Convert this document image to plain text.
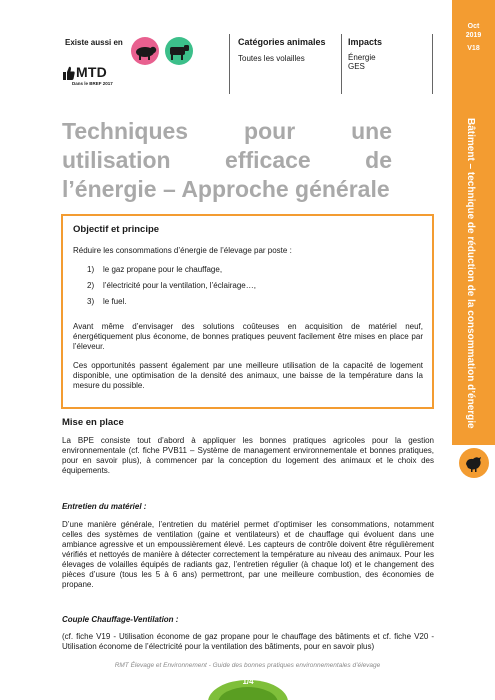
Existe aussi en
MTD
Dans le BREF 2017
Catégories animales
Toutes les volailles
Impacts
Énergie
GES
Oct
2019
V18
Bâtiment – technique de réduction de la consommation d’énergie
Techniques pour une utilisation efficace de l’énergie – Approche générale
Objectif et principe
Réduire les consommations d’énergie de l’élevage par poste :
1) le gaz propane pour le chauffage,
2) l’électricité pour la ventilation, l’éclairage…,
3) le fuel.
Avant même d’envisager des solutions coûteuses en acquisition de matériel neuf, énergétiquement plus économe, de bonnes pratiques peuvent facilement être mises en place par l’éleveur.
Ces opportunités passent également par une meilleure utilisation de la capacité de logement disponible, une optimisation de la densité des animaux, une baisse de la température dans la mesure du possible.
Mise en place
La BPE consiste tout d’abord à appliquer les bonnes pratiques agricoles pour la gestion environnementale (cf. fiche PVB11 – Système de management environnementale et bonnes pratiques, pour en savoir plus), à commencer par la conception du logement des animaux et le choix des équipements.
Entretien du matériel :
D’une manière générale, l’entretien du matériel permet d’optimiser les consommations, notamment celles des systèmes de ventilation (gaine et ventilateurs) et de chauffage qui évoluent dans une ambiance agressive et un empoussièrement élevé. Les capteurs de contrôle doivent être régulièrement vérifiés et nettoyés de manière à détecter correctement la température au niveau des animaux. Pour les élevages de volailles équipés de radiants gaz, l’entretien régulier (à chaque lot) et le changement des pièces d’usure (tous les 5 à 6 ans) permettront, par une meilleure combustion, des économies de propane.
Couple Chauffage-Ventilation :
(cf. fiche V19 - Utilisation économe de gaz propane pour le chauffage des bâtiments et cf. fiche V20 - Utilisation économe de l’électricité pour la ventilation des bâtiments, pour en savoir plus)
RMT Élevage et Environnement - Guide des bonnes pratiques environnementales d’élevage
1/4
